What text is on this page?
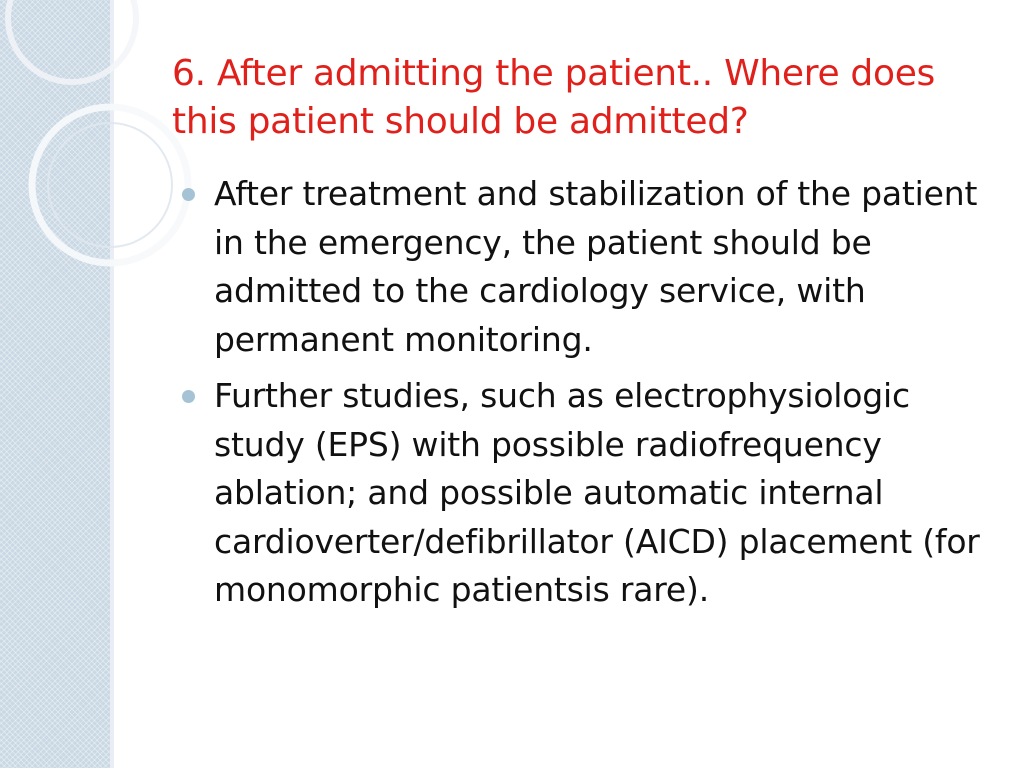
6. After admitting the patient.. Where does this patient should be admitted?
After treatment and stabilization of the patient in the emergency, the patient should be admitted to the cardiology service, with permanent monitoring.
Further studies, such as electrophysiologic study (EPS) with possible radiofrequency ablation; and possible automatic internal cardioverter/defibrillator (AICD) placement (for monomorphic patientsis rare).
